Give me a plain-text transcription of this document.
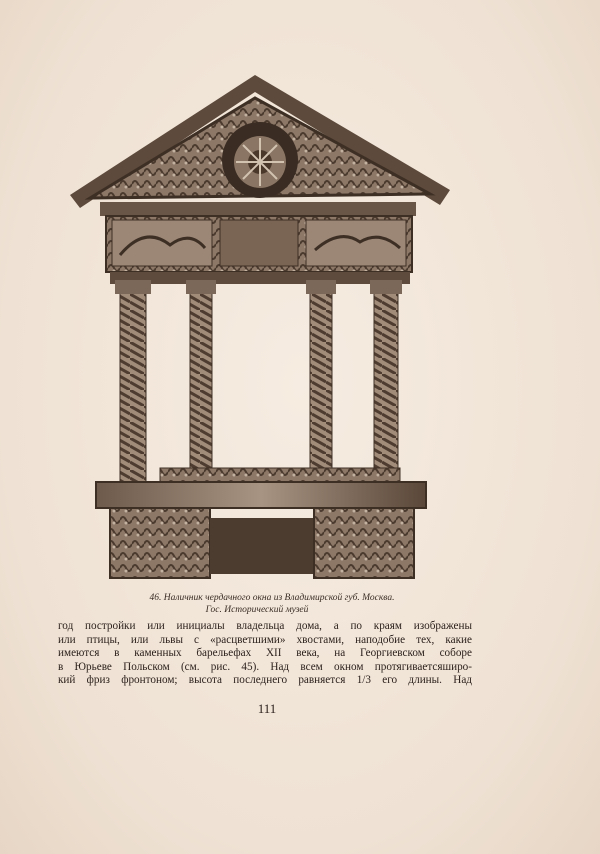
46. Наличник чердачного окна из Владимирской губ. Москва.
Гос. Исторический музей
год постройки или инициалы владельца дома, а по краям изображены
или птицы, или львы с «расцветшими» хвостами, наподобие тех, какие
имеются в каменных барельефах XII века, на Георгиевском соборе
в Юрьеве Польском (см. рис. 45). Над всем окном протягиваетсяширо-
кий фриз фронтоном; высота последнего равняется 1/3 его длины. Над
111
